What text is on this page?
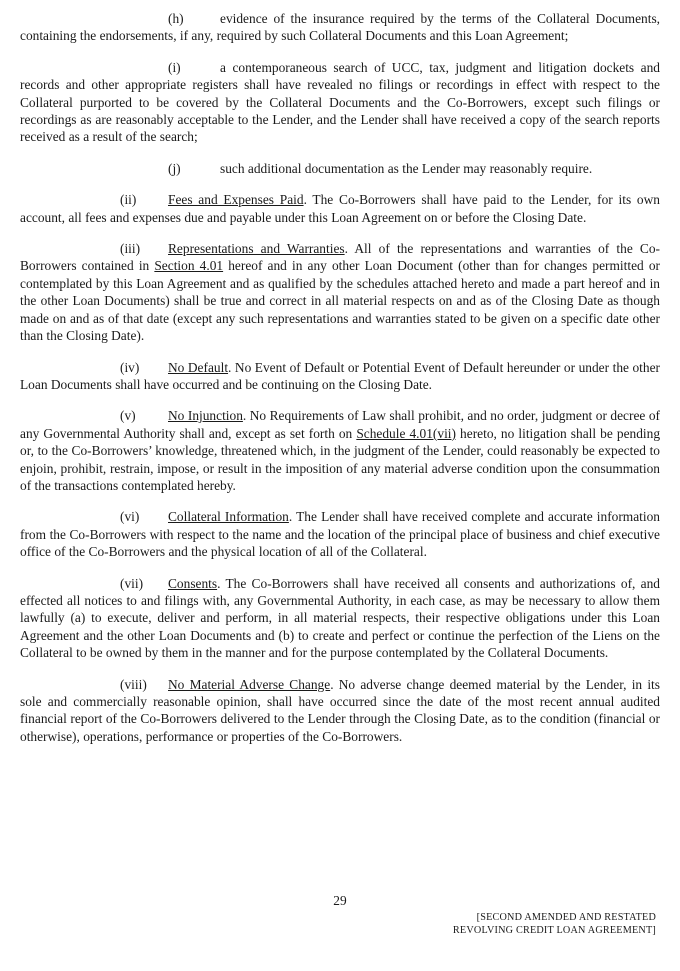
(h)	evidence of the insurance required by the terms of the Collateral Documents, containing the endorsements, if any, required by such Collateral Documents and this Loan Agreement;

(i)	a contemporaneous search of UCC, tax, judgment and litigation dockets and records and other appropriate registers shall have revealed no filings or recordings in effect with respect to the Collateral purported to be covered by the Collateral Documents and the Co-Borrowers, except such filings or recordings as are reasonably acceptable to the Lender, and the Lender shall have received a copy of the search reports received as a result of the search;

(j)	such additional documentation as the Lender may reasonably require.

(ii) Fees and Expenses Paid. The Co-Borrowers shall have paid to the Lender, for its own account, all fees and expenses due and payable under this Loan Agreement on or before the Closing Date.

(iii) Representations and Warranties. All of the representations and warranties of the Co-Borrowers contained in Section 4.01 hereof and in any other Loan Document (other than for changes permitted or contemplated by this Loan Agreement and as qualified by the schedules attached hereto and made a part hereof and in the other Loan Documents) shall be true and correct in all material respects on and as of the Closing Date as though made on and as of that date (except any such representations and warranties stated to be given on a specific date other than the Closing Date).

(iv) No Default. No Event of Default or Potential Event of Default hereunder or under the other Loan Documents shall have occurred and be continuing on the Closing Date.

(v) No Injunction. No Requirements of Law shall prohibit, and no order, judgment or decree of any Governmental Authority shall and, except as set forth on Schedule 4.01(vii) hereto, no litigation shall be pending or, to the Co-Borrowers’ knowledge, threatened which, in the judgment of the Lender, could reasonably be expected to enjoin, prohibit, restrain, impose, or result in the imposition of any material adverse condition upon the consummation of the transactions contemplated hereby.

(vi) Collateral Information. The Lender shall have received complete and accurate information from the Co-Borrowers with respect to the name and the location of the principal place of business and chief executive office of the Co-Borrowers and the physical location of all of the Collateral.

(vii) Consents. The Co-Borrowers shall have received all consents and authorizations of, and effected all notices to and filings with, any Governmental Authority, in each case, as may be necessary to allow them lawfully (a) to execute, deliver and perform, in all material respects, their respective obligations under this Loan Agreement and the other Loan Documents and (b) to create and perfect or continue the perfection of the Liens on the Collateral to be owned by them in the manner and for the purpose contemplated by the Collateral Documents.

(viii) No Material Adverse Change. No adverse change deemed material by the Lender, in its sole and commercially reasonable opinion, shall have occurred since the date of the most recent annual audited financial report of the Co-Borrowers delivered to the Lender through the Closing Date, as to the condition (financial or otherwise), operations, performance or properties of the Co-Borrowers.

29
[SECOND AMENDED AND RESTATED
REVOLVING CREDIT LOAN AGREEMENT]
